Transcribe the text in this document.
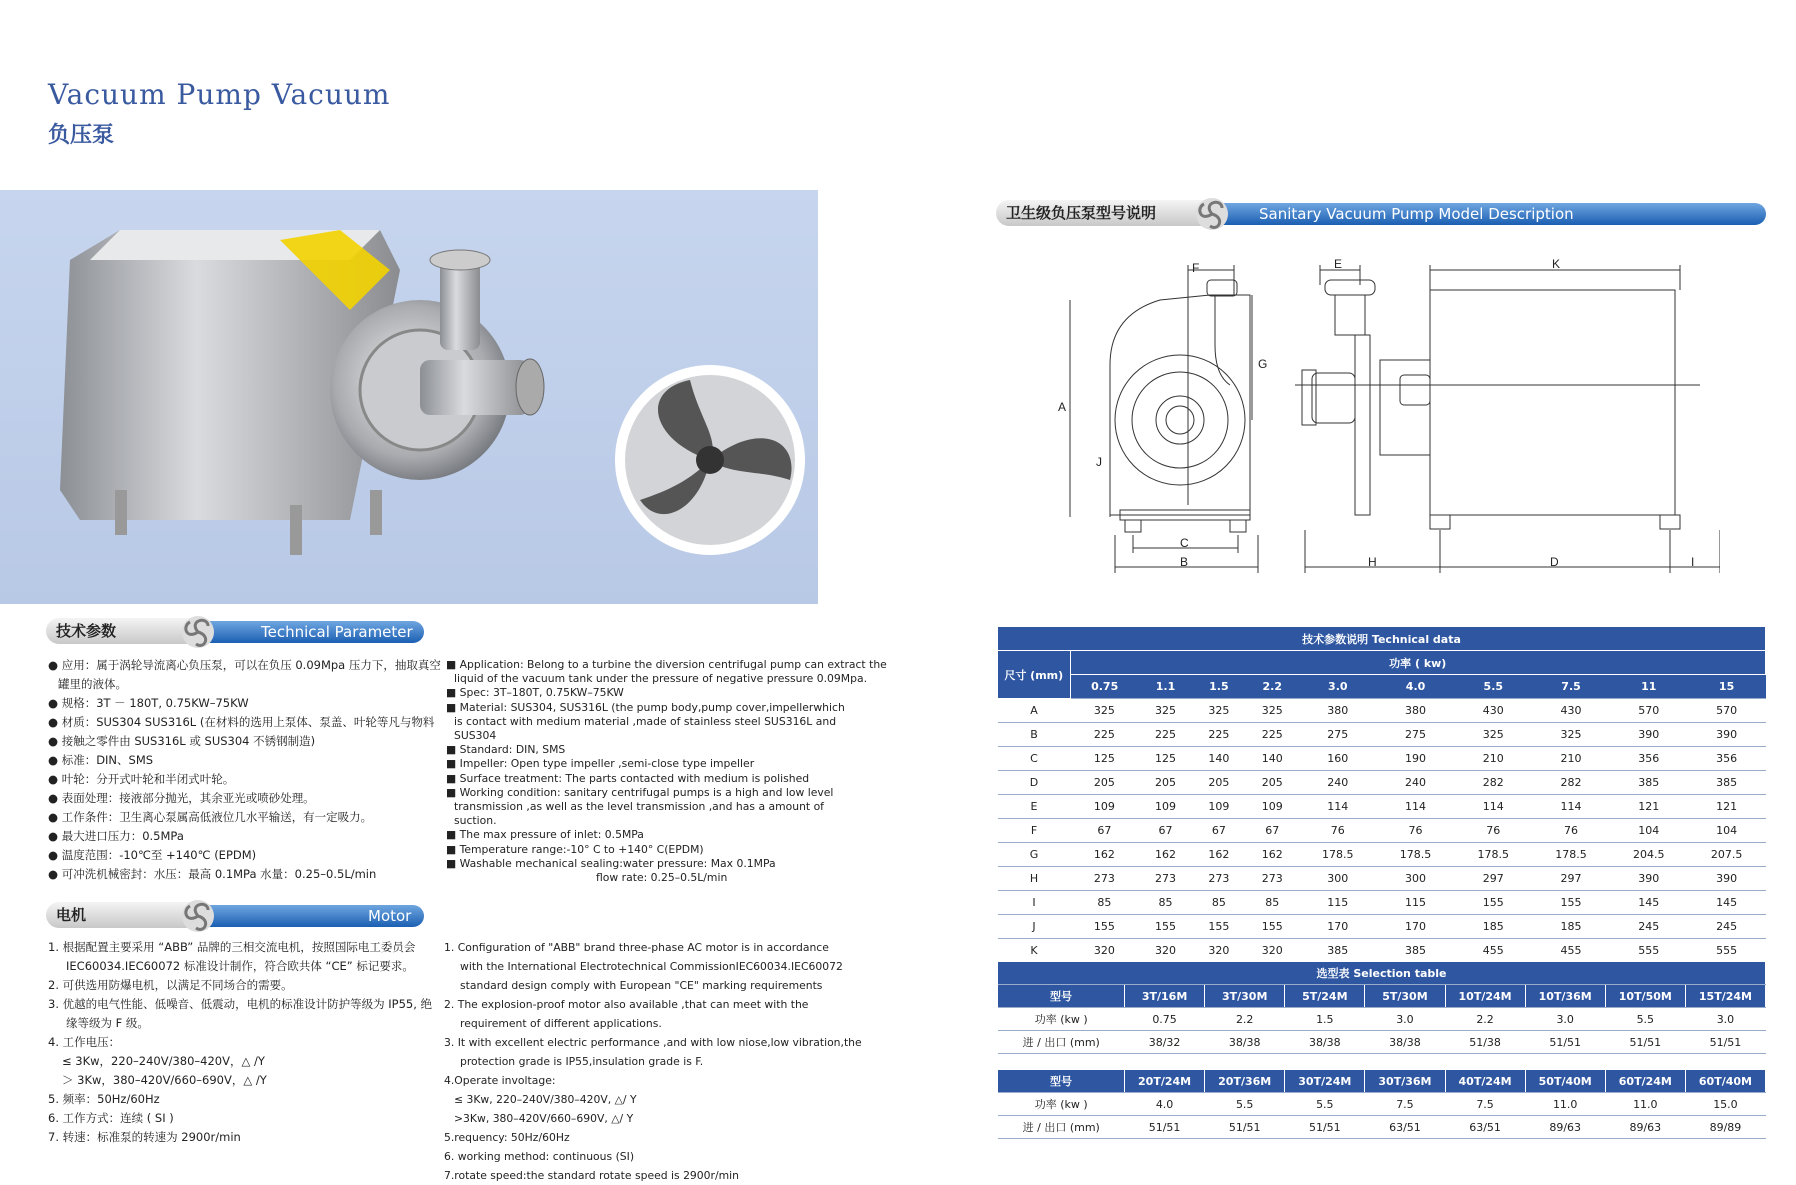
Vacuum Pump Vacuum
负压泵
卫生级负压泵型号说明	Sanitary Vacuum Pump Model Description
F
G
A
J
C
B
E	K
H	D	I
技术参数	Technical Parameter
● 应用：属于涡轮导流离心负压泵，可以在负压 0.09Mpa 压力下，抽取真空
罐里的液体。
● 规格：3T － 180T, 0.75KW–75KW
● 材质：SUS304 SUS316L (在材料的选用上泵体、泵盖、叶轮等凡与物料
● 接触之零件由 SUS316L 或 SUS304 不锈钢制造)
● 标准：DIN、SMS
● 叶轮：分开式叶轮和半闭式叶轮。
● 表面处理：接液部分抛光，其余亚光或喷砂处理。
● 工作条件：卫生离心泵属高低液位几水平输送，有一定吸力。
● 最大进口压力：0.5MPa
● 温度范围：-10℃至 +140℃ (EPDM)
● 可冲洗机械密封：水压：最高 0.1MPa 水量：0.25–0.5L/min
■ Application: Belong to a turbine the diversion centrifugal pump can extract the
liquid of the vacuum tank under the pressure of negative pressure 0.09Mpa.
■ Spec: 3T–180T, 0.75KW–75KW
■ Material: SUS304, SUS316L (the pump body,pump cover,impellerwhich
is contact with medium material ,made of stainless steel SUS316L and
SUS304
■ Standard: DIN, SMS
■ Impeller: Open type impeller ,semi-close type impeller
■ Surface treatment: The parts contacted with medium is polished
■ Working condition: sanitary centrifugal pumps is a high and low level
transmission ,as well as the level transmission ,and has a amount of
suction.
■ The max pressure of inlet: 0.5MPa
■ Temperature range:-10° C to +140° C(EPDM)
■ Washable mechanical sealing:water pressure: Max 0.1MPa
flow rate: 0.25–0.5L/min
电机	Motor
1. 根据配置主要采用 “ABB” 品牌的三相交流电机，按照国际电工委员会
IEC60034.IEC60072 标准设计制作，符合欧共体 “CE” 标记要求。
2. 可供选用防爆电机，以满足不同场合的需要。
3. 优越的电气性能、低噪音、低震动，电机的标准设计防护等级为 IP55, 绝
缘等级为 F 级。
4. 工作电压：
≤ 3Kw，220–240V/380–420V，△ /Y
＞ 3Kw，380–420V/660–690V，△ /Y
5. 频率：50Hz/60Hz
6. 工作方式：连续 ( SI )
7. 转速：标准泵的转速为 2900r/min
1. Configuration of "ABB" brand three-phase AC motor is in accordance
with the International Electrotechnical CommissionIEC60034.IEC60072
standard design comply with European "CE" marking requirements
2. The explosion-proof motor also available ,that can meet with the
requirement of different applications.
3. It with excellent electric performance ,and with low niose,low vibration,the
protection grade is IP55,insulation grade is F.
4.Operate involtage:
≤ 3Kw, 220–240V/380–420V, △/ Y
>3Kw, 380–420V/660–690V, △/ Y
5.requency: 50Hz/60Hz
6. working method: continuous (SI)
7.rotate speed:the standard rotate speed is 2900r/min
技术参数说明 Technical data										
尺寸 (mm)	功率 ( kw)									
	0.75	1.1	1.5	2.2	3.0	4.0	5.5	7.5	11	15
A	325	325	325	325	380	380	430	430	570	570
B	225	225	225	225	275	275	325	325	390	390
C	125	125	140	140	160	190	210	210	356	356
D	205	205	205	205	240	240	282	282	385	385
E	109	109	109	109	114	114	114	114	121	121
F	67	67	67	67	76	76	76	76	104	104
G	162	162	162	162	178.5	178.5	178.5	178.5	204.5	207.5
H	273	273	273	273	300	300	297	297	390	390
I	85	85	85	85	115	115	155	155	145	145
J	155	155	155	155	170	170	185	185	245	245
K	320	320	320	320	385	385	455	455	555	555
选型表 Selection table								
型号	3T/16M	3T/30M	5T/24M	5T/30M	10T/24M	10T/36M	10T/50M	15T/24M
功率 (kw )	0.75	2.2	1.5	3.0	2.2	3.0	5.5	3.0
进 / 出口 (mm)	38/32	38/38	38/38	38/38	51/38	51/51	51/51	51/51

型号	20T/24M	20T/36M	30T/24M	30T/36M	40T/24M	50T/40M	60T/24M	60T/40M
功率 (kw )	4.0	5.5	5.5	7.5	7.5	11.0	11.0	15.0
进 / 出口 (mm)	51/51	51/51	51/51	63/51	63/51	89/63	89/63	89/89
